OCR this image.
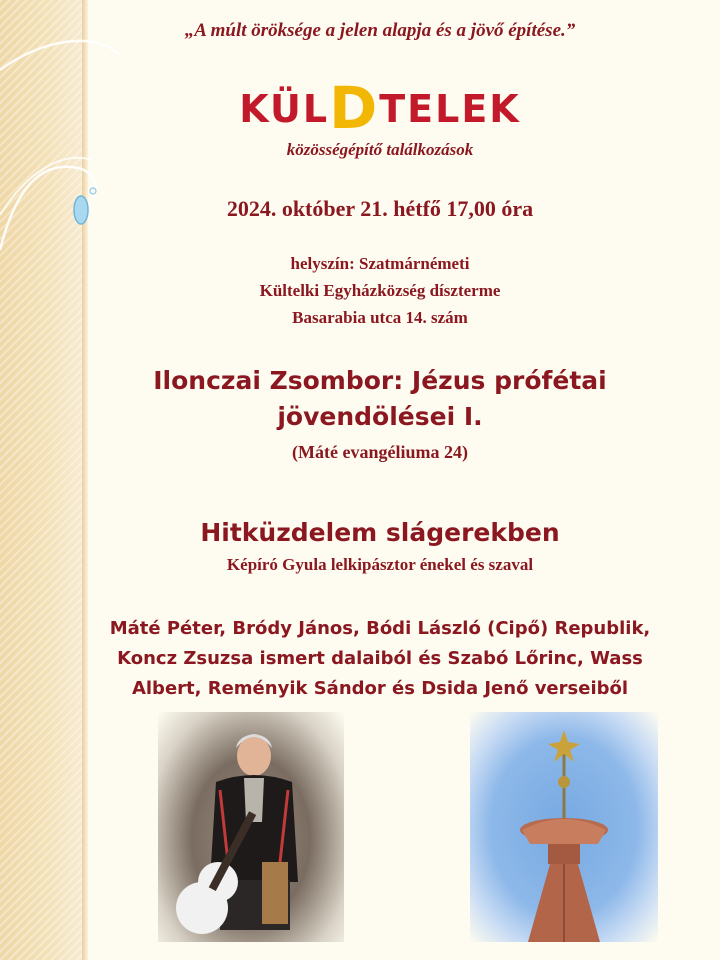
„A múlt öröksége a jelen alapja és a jövő építése.”
KÜLDTELEK
közösségépítő találkozások
2024. október 21. hétfő 17,00 óra
helyszín: Szatmárnémeti
Kültelki Egyházközség díszterme
Basarabia utca 14. szám
Ilonczai Zsombor: Jézus prófétai
jövendölései I.
(Máté evangéliuma 24)
Hitküzdelem slágerekben
Képíró Gyula lelkipásztor énekel és szaval
Máté Péter, Bródy János, Bódi László (Cipő) Republik,
Koncz Zsuzsa ismert dalaiból és Szabó Lőrinc, Wass
Albert, Reményik Sándor és Dsida Jenő verseiből
